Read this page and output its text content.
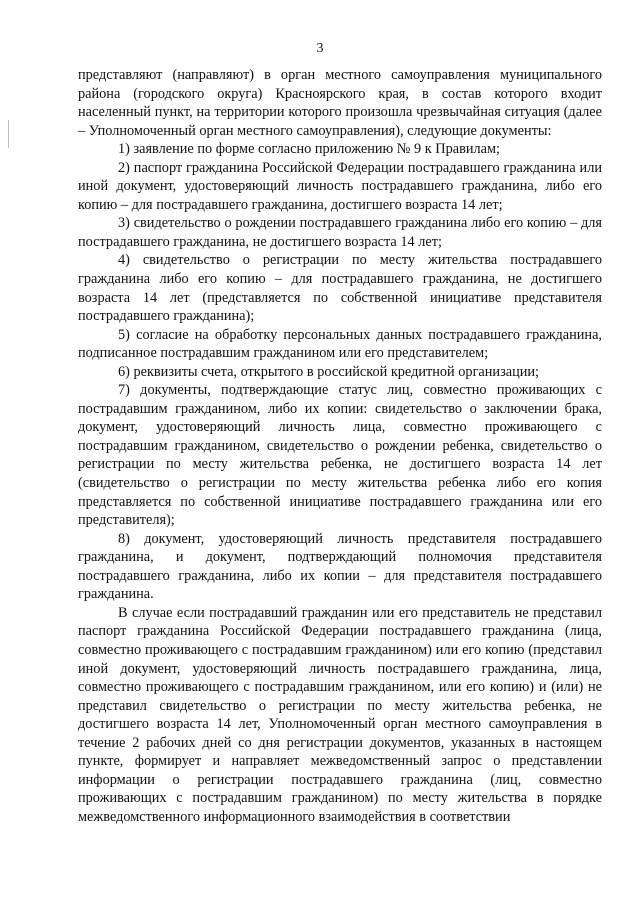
3

представляют (направляют) в орган местного самоуправления муниципального района (городского округа) Красноярского края, в состав которого входит населенный пункт, на территории которого произошла чрезвычайная ситуация (далее – Уполномоченный орган местного самоуправления), следующие документы:

1) заявление по форме согласно приложению № 9 к Правилам;

2) паспорт гражданина Российской Федерации пострадавшего гражданина или иной документ, удостоверяющий личность пострадавшего гражданина, либо его копию – для пострадавшего гражданина, достигшего возраста 14 лет;

3) свидетельство о рождении пострадавшего гражданина либо его копию – для пострадавшего гражданина, не достигшего возраста 14 лет;

4) свидетельство о регистрации по месту жительства пострадавшего гражданина либо его копию – для пострадавшего гражданина, не достигшего возраста 14 лет (представляется по собственной инициативе представителя пострадавшего гражданина);

5) согласие на обработку персональных данных пострадавшего гражданина, подписанное пострадавшим гражданином или его представителем;

6) реквизиты счета, открытого в российской кредитной организации;

7) документы, подтверждающие статус лиц, совместно проживающих с пострадавшим гражданином, либо их копии: свидетельство о заключении брака, документ, удостоверяющий личность лица, совместно проживающего с пострадавшим гражданином, свидетельство о рождении ребенка, свидетельство о регистрации по месту жительства ребенка, не достигшего возраста 14 лет (свидетельство о регистрации по месту жительства ребенка либо его копия представляется по собственной инициативе пострадавшего гражданина или его представителя);

8) документ, удостоверяющий личность представителя пострадавшего гражданина, и документ, подтверждающий полномочия представителя пострадавшего гражданина, либо их копии – для представителя пострадавшего гражданина.

В случае если пострадавший гражданин или его представитель не представил паспорт гражданина Российской Федерации пострадавшего гражданина (лица, совместно проживающего с пострадавшим гражданином) или его копию (представил иной документ, удостоверяющий личность пострадавшего гражданина, лица, совместно проживающего с пострадавшим гражданином, или его копию) и (или) не представил свидетельство о регистрации по месту жительства ребенка, не достигшего возраста 14 лет, Уполномоченный орган местного самоуправления в течение 2 рабочих дней со дня регистрации документов, указанных в настоящем пункте, формирует и направляет межведомственный запрос о представлении информации о регистрации пострадавшего гражданина (лиц, совместно проживающих с пострадавшим гражданином) по месту жительства в порядке межведомственного информационного взаимодействия в соответствии
